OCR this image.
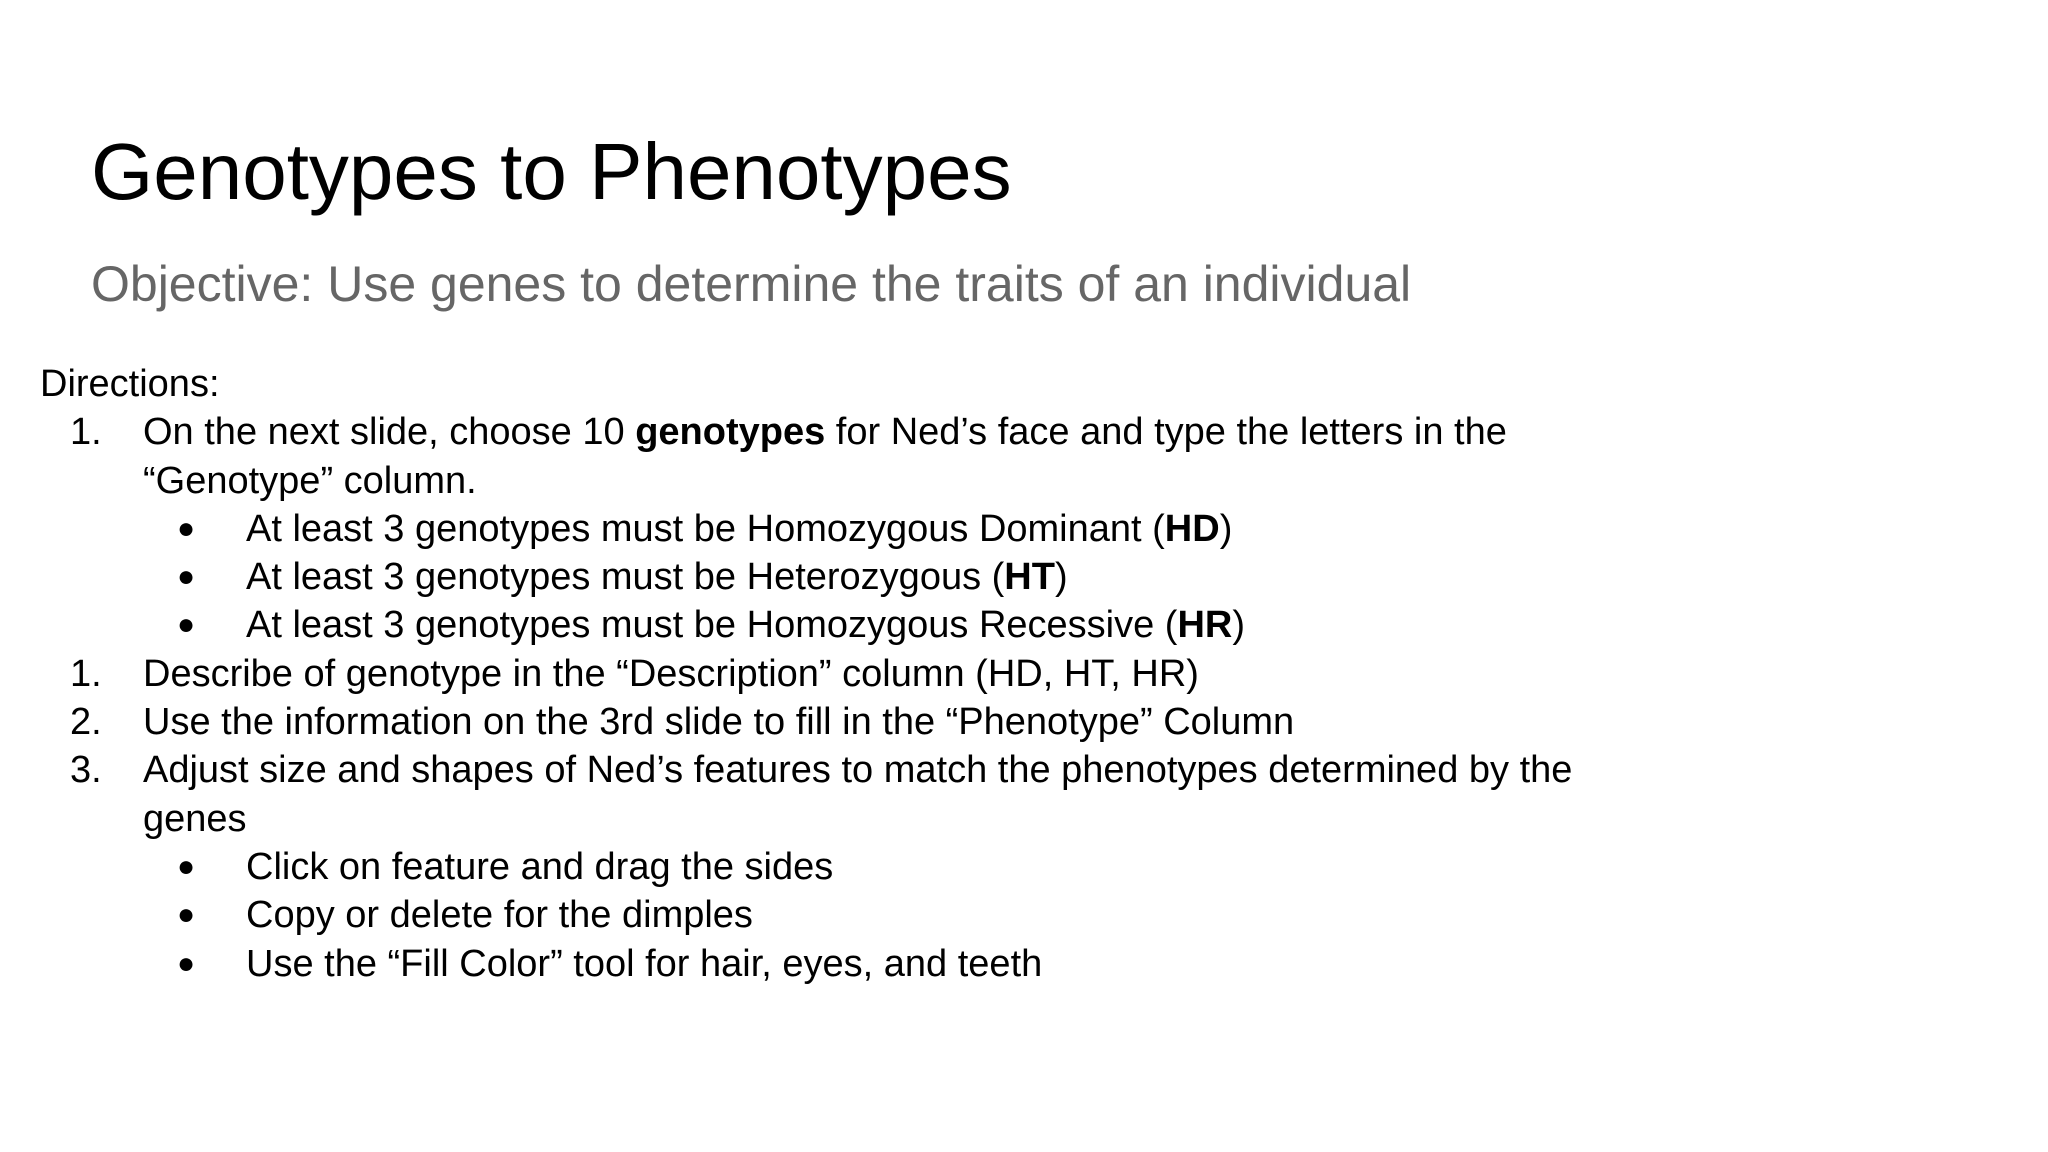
Genotypes to Phenotypes
Objective: Use genes to determine the traits of an individual
Directions:
1.	On the next slide, choose 10 genotypes for Ned’s face and type the letters in the
“Genotype” column.
●	At least 3 genotypes must be Homozygous Dominant (HD)
●	At least 3 genotypes must be Heterozygous (HT)
●	At least 3 genotypes must be Homozygous Recessive (HR)
1.	Describe of genotype in the “Description” column (HD, HT, HR)
2.	Use the information on the 3rd slide to fill in the “Phenotype” Column
3.	Adjust size and shapes of Ned’s features to match the phenotypes determined by the
genes
●	Click on feature and drag the sides
●	Copy or delete for the dimples
●	Use the “Fill Color” tool for hair, eyes, and teeth
